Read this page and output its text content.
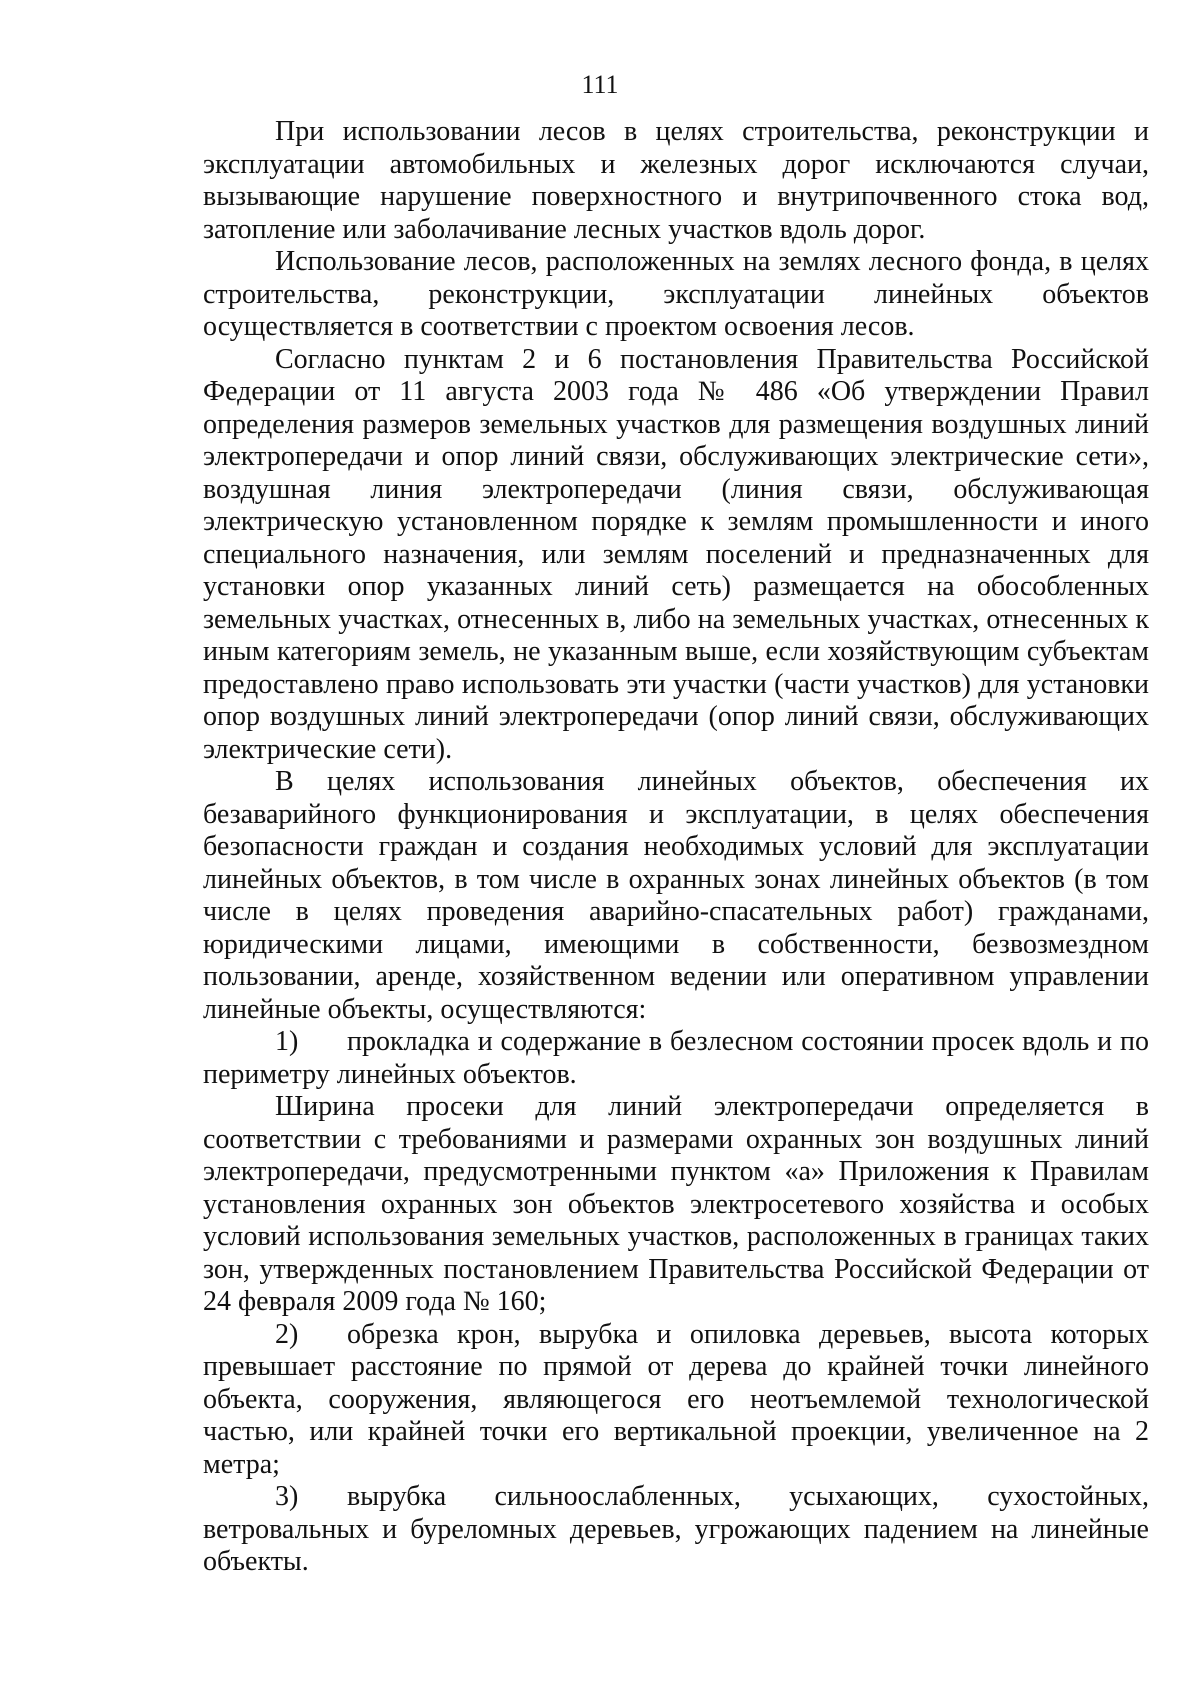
111

При использовании лесов в целях строительства, реконструкции и эксплуатации автомобильных и железных дорог исключаются случаи, вызывающие нарушение поверхностного и внутрипочвенного стока вод, затопление или заболачивание лесных участков вдоль дорог.

Использование лесов, расположенных на землях лесного фонда, в целях строительства, реконструкции, эксплуатации линейных объектов осуществляется в соответствии с проектом освоения лесов.

Согласно пунктам 2 и 6 постановления Правительства Российской Федерации от 11 августа 2003 года № 486 «Об утверждении Правил определения размеров земельных участков для размещения воздушных линий электропередачи и опор линий связи, обслуживающих электрические сети», воздушная линия электропередачи (линия связи, обслуживающая электрическую установленном порядке к землям промышленности и иного специального назначения, или землям поселений и предназначенных для установки опор указанных линий сеть) размещается на обособленных земельных участках, отнесенных в, либо на земельных участках, отнесенных к иным категориям земель, не указанным выше, если хозяйствующим субъектам предоставлено право использовать эти участки (части участков) для установки опор воздушных линий электропередачи (опор линий связи, обслуживающих электрические сети).

В целях использования линейных объектов, обеспечения их безаварийного функционирования и эксплуатации, в целях обеспечения безопасности граждан и создания необходимых условий для эксплуатации линейных объектов, в том числе в охранных зонах линейных объектов (в том числе в целях проведения аварийно-спасательных работ) гражданами, юридическими лицами, имеющими в собственности, безвозмездном пользовании, аренде, хозяйственном ведении или оперативном управлении линейные объекты, осуществляются:

1) прокладка и содержание в безлесном состоянии просек вдоль и по периметру линейных объектов.

Ширина просеки для линий электропередачи определяется в соответствии с требованиями и размерами охранных зон воздушных линий электропередачи, предусмотренными пунктом «а» Приложения к Правилам установления охранных зон объектов электросетевого хозяйства и особых условий использования земельных участков, расположенных в границах таких зон, утвержденных постановлением Правительства Российской Федерации от 24 февраля 2009 года № 160;

2) обрезка крон, вырубка и опиловка деревьев, высота которых превышает расстояние по прямой от дерева до крайней точки линейного объекта, сооружения, являющегося его неотъемлемой технологической частью, или крайней точки его вертикальной проекции, увеличенное на 2 метра;

3) вырубка сильноослабленных, усыхающих, сухостойных, ветровальных и буреломных деревьев, угрожающих падением на линейные объекты.
